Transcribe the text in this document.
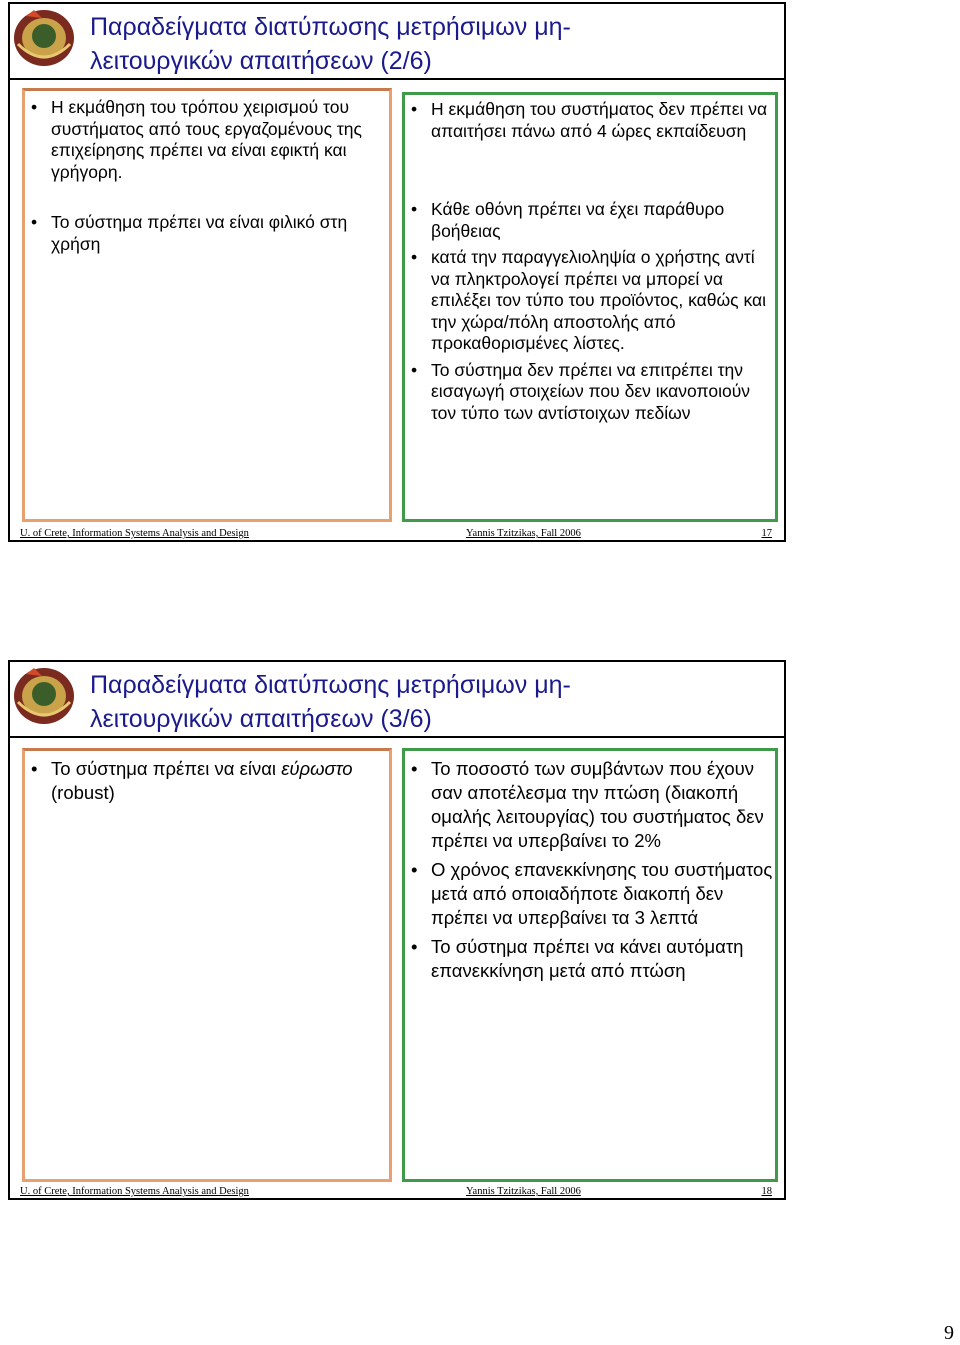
Παραδείγματα διατύπωσης μετρήσιμων μη-
λειτουργικών απαιτήσεων (2/6)
• Η εκμάθηση του τρόπου χειρισμού του συστήματος από τους εργαζομένους της επιχείρησης πρέπει να είναι εφικτή και γρήγορη.
• Το σύστημα πρέπει να είναι φιλικό στη χρήση
• Η εκμάθηση του συστήματος δεν πρέπει να απαιτήσει πάνω από 4 ώρες εκπαίδευση
• Κάθε οθόνη πρέπει να έχει παράθυρο βοήθειας
• κατά την παραγγελιοληψία ο χρήστης αντί να πληκτρολογεί πρέπει να μπορεί να επιλέξει τον τύπο του προϊόντος, καθώς και την χώρα/πόλη αποστολής από προκαθορισμένες λίστες.
• Το σύστημα δεν πρέπει να επιτρέπει την εισαγωγή στοιχείων που δεν ικανοποιούν τον τύπο των αντίστοιχων πεδίων
U. of Crete, Information Systems Analysis and Design	Yannis Tzitzikas, Fall 2006	17
Παραδείγματα διατύπωσης μετρήσιμων μη-
λειτουργικών απαιτήσεων (3/6)
• Το σύστημα πρέπει να είναι εύρωστο (robust)
• Το ποσοστό των συμβάντων που έχουν σαν αποτέλεσμα την πτώση (διακοπή ομαλής λειτουργίας) του συστήματος δεν πρέπει να υπερβαίνει το 2%
• Ο χρόνος επανεκκίνησης του συστήματος μετά από οποιαδήποτε διακοπή δεν πρέπει να υπερβαίνει τα 3 λεπτά
• Το σύστημα πρέπει να κάνει αυτόματη επανεκκίνηση μετά από πτώση
U. of Crete, Information Systems Analysis and Design	Yannis Tzitzikas, Fall 2006	18
9
